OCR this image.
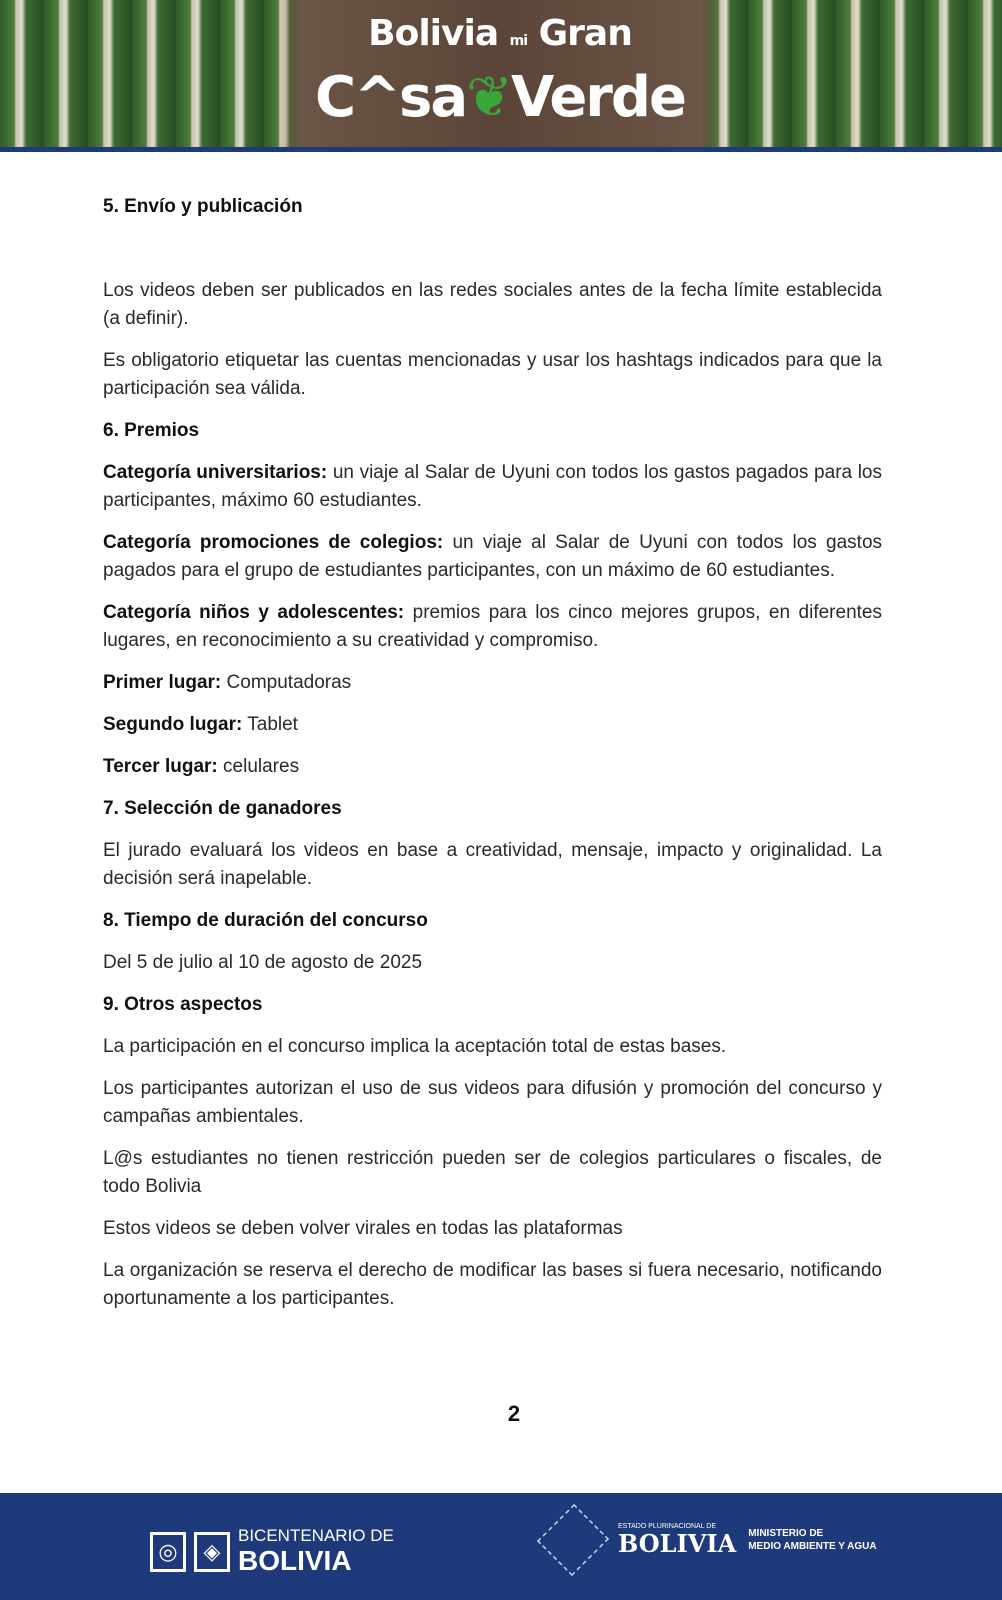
Bolivia mi Gran
C^sa❦Verde
5. Envío y publicación

Los videos deben ser publicados en las redes sociales antes de la fecha límite establecida (a definir).

Es obligatorio etiquetar las cuentas mencionadas y usar los hashtags indicados para que la participación sea válida.

6. Premios

Categoría universitarios: un viaje al Salar de Uyuni con todos los gastos pagados para los participantes, máximo 60 estudiantes.

Categoría promociones de colegios: un viaje al Salar de Uyuni con todos los gastos pagados para el grupo de estudiantes participantes, con un máximo de 60 estudiantes.

Categoría niños y adolescentes: premios para los cinco mejores grupos, en diferentes lugares, en reconocimiento a su creatividad y compromiso.

Primer lugar: Computadoras

Segundo lugar: Tablet

Tercer lugar: celulares

7. Selección de ganadores

El jurado evaluará los videos en base a creatividad, mensaje, impacto y originalidad. La decisión será inapelable.

8. Tiempo de duración del concurso

Del 5 de julio al 10 de agosto de 2025

9. Otros aspectos

La participación en el concurso implica la aceptación total de estas bases.

Los participantes autorizan el uso de sus videos para difusión y promoción del concurso y campañas ambientales.

L@s estudiantes no tienen restricción pueden ser de colegios particulares o fiscales, de todo Bolivia

Estos videos se deben volver virales en todas las plataformas

La organización se reserva el derecho de modificar las bases si fuera necesario, notificando oportunamente a los participantes.

2
◎	◈
BICENTENARIO DE
BOLIVIA
ESTADO PLURINACIONAL DE
BOLIVIA MINISTERIO DE
MEDIO AMBIENTE Y AGUA
